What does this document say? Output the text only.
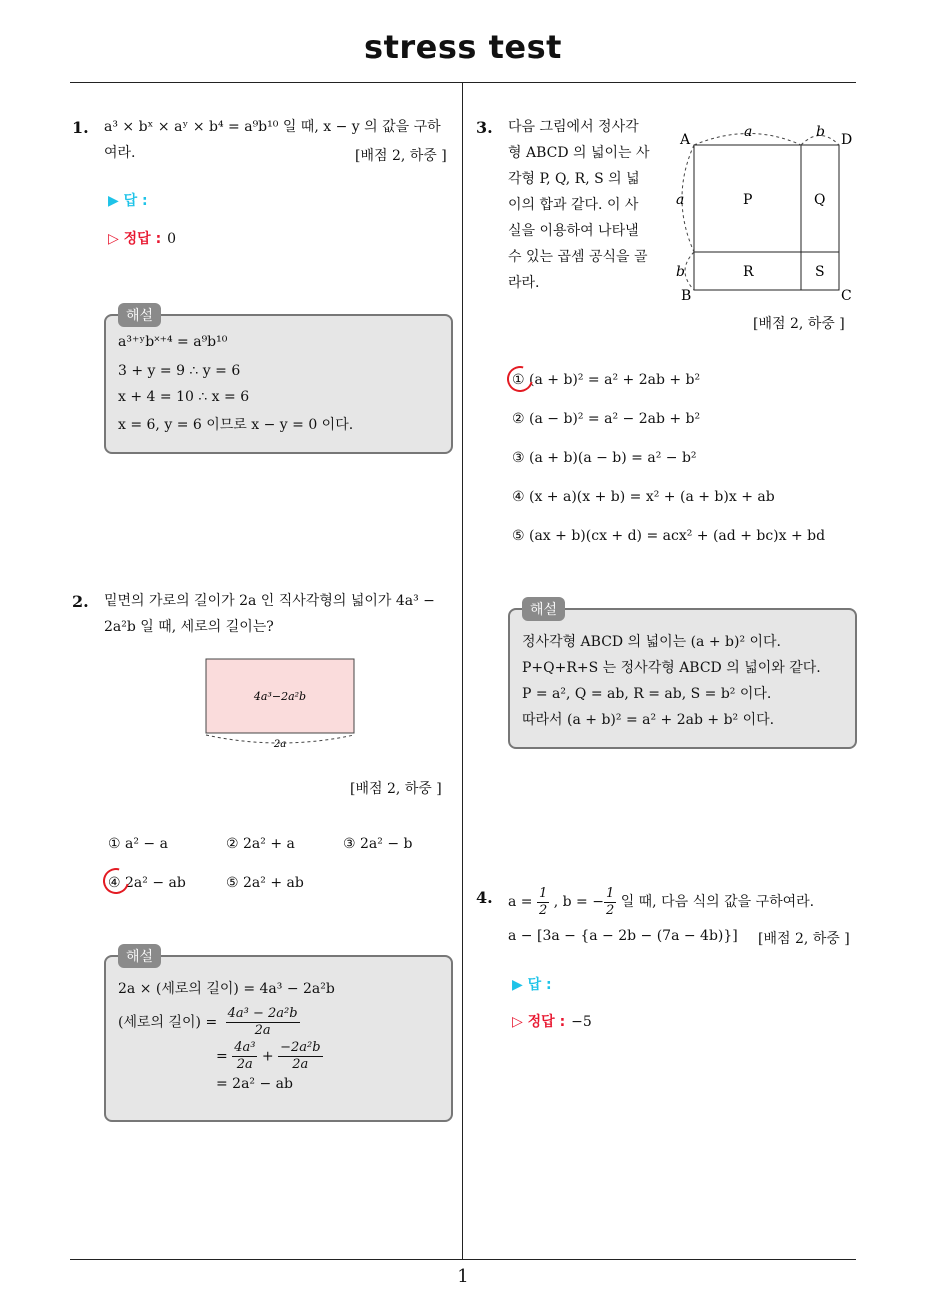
stress test
1
1. a³ × bˣ × aʸ × b⁴ = a⁹b¹⁰ 일 때, x − y 의 값을 구하
여라.	[배점 2, 하중 ]
▶ 답 :
▷ 정답 : 0
해설
a³⁺ʸb˟⁺⁴ = a⁹b¹⁰
3 + y = 9 ∴ y = 6
x + 4 = 10 ∴ x = 6
x = 6, y = 6 이므로 x − y = 0 이다.
2. 밑면의 가로의 길이가 2a 인 직사각형의 넓이가 4a³ −
2a²b 일 때, 세로의 길이는?
4a³−2a²b
2a
[배점 2, 하중 ]
① a² − a	② 2a² + a	③ 2a² − b
④ 2a² − ab	⑤ 2a² + ab
해설
2a × (세로의 길이) = 4a³ − 2a²b
(세로의 길이) = $\frac{\text{4a³ − 2a²b}}{2a}$
= $\frac{\text{4a³}}{2a} + \frac{\text{−2a²b}}{2a}$
= 2a² − ab
3. 다음 그림에서 정사각
형 ABCD 의 넓이는 사
각형 P, Q, R, S 의 넓
이의 합과 같다. 이 사
실을 이용하여 나타낼
수 있는 곱셈 공식을 골
라라.
A
B	C
D
a	b
a
b
P	Q
R	S
[배점 2, 하중 ]
① (a + b)² = a² + 2ab + b²
② (a − b)² = a² − 2ab + b²
③ (a + b)(a − b) = a² − b²
④ (x + a)(x + b) = x² + (a + b)x + ab
⑤ (ax + b)(cx + d) = acx² + (ad + bc)x + bd
해설
정사각형 ABCD 의 넓이는 (a + b)² 이다.
P+Q+R+S 는 정사각형 ABCD 의 넓이와 같다.
P = a², Q = ab, R = ab, S = b² 이다.
따라서 (a + b)² = a² + 2ab + b² 이다.
4. $a = \frac{1}{2}$ , b = − $\frac{1}{2}$ 일 때, 다음 식의 값을 구하여라.
a − [3a − {a − 2b − (7a − 4b)}] [배점 2, 하중 ]
▶ 답 :
▷ 정답 : −5
